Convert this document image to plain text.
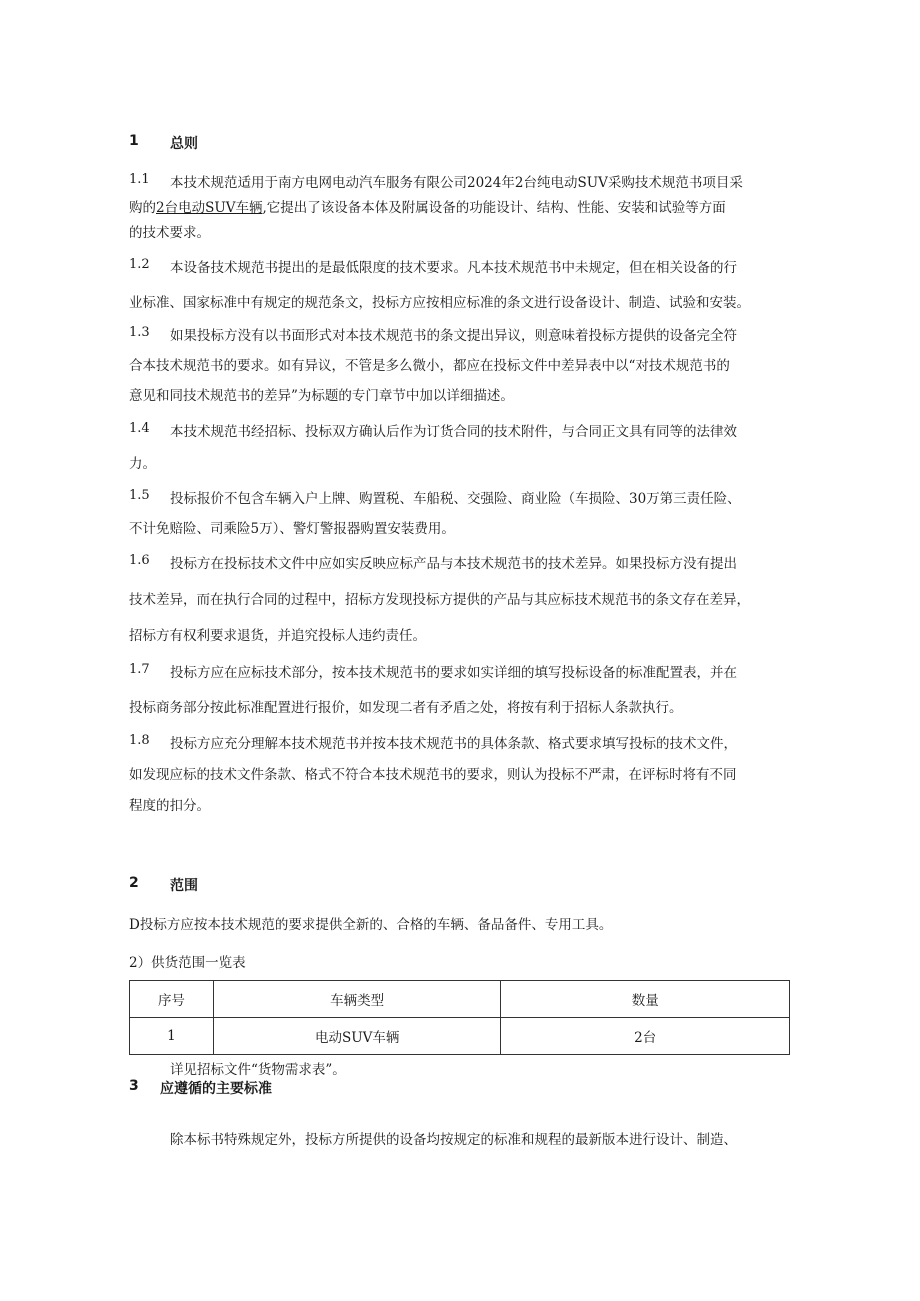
1 总则
1.1 本技术规范适用于南方电网电动汽车服务有限公司2024年2台纯电动SUV采购技术规范书项目采
购的2台电动SUV车辆,它提出了该设备本体及附属设备的功能设计、结构、性能、安装和试验等方面
的技术要求。
1.2 本设备技术规范书提出的是最低限度的技术要求。凡本技术规范书中未规定，但在相关设备的行
业标准、国家标准中有规定的规范条文，投标方应按相应标准的条文进行设备设计、制造、试验和安装。
1.3 如果投标方没有以书面形式对本技术规范书的条文提出异议，则意味着投标方提供的设备完全符
合本技术规范书的要求。如有异议，不管是多么微小，都应在投标文件中差异表中以“对技术规范书的
意见和同技术规范书的差异”为标题的专门章节中加以详细描述。
1.4 本技术规范书经招标、投标双方确认后作为订货合同的技术附件，与合同正文具有同等的法律效
力。
1.5 投标报价不包含车辆入户上牌、购置税、车船税、交强险、商业险（车损险、30万第三责任险、
不计免赔险、司乘险5万）、警灯警报器购置安装费用。
1.6 投标方在投标技术文件中应如实反映应标产品与本技术规范书的技术差异。如果投标方没有提出
技术差异，而在执行合同的过程中，招标方发现投标方提供的产品与其应标技术规范书的条文存在差异，
招标方有权利要求退货，并追究投标人违约责任。
1.7 投标方应在应标技术部分，按本技术规范书的要求如实详细的填写投标设备的标准配置表，并在
投标商务部分按此标准配置进行报价，如发现二者有矛盾之处，将按有利于招标人条款执行。
1.8 投标方应充分理解本技术规范书并按本技术规范书的具体条款、格式要求填写投标的技术文件，
如发现应标的技术文件条款、格式不符合本技术规范书的要求，则认为投标不严肃，在评标时将有不同
程度的扣分。
2 范围
D投标方应按本技术规范的要求提供全新的、合格的车辆、备品备件、专用工具。
2）供货范围一览表
序号	车辆类型	数量
1	电动SUV车辆	2台
详见招标文件“货物需求表”。
3 应遵循的主要标准
除本标书特殊规定外，投标方所提供的设备均按规定的标准和规程的最新版本进行设计、制造、
